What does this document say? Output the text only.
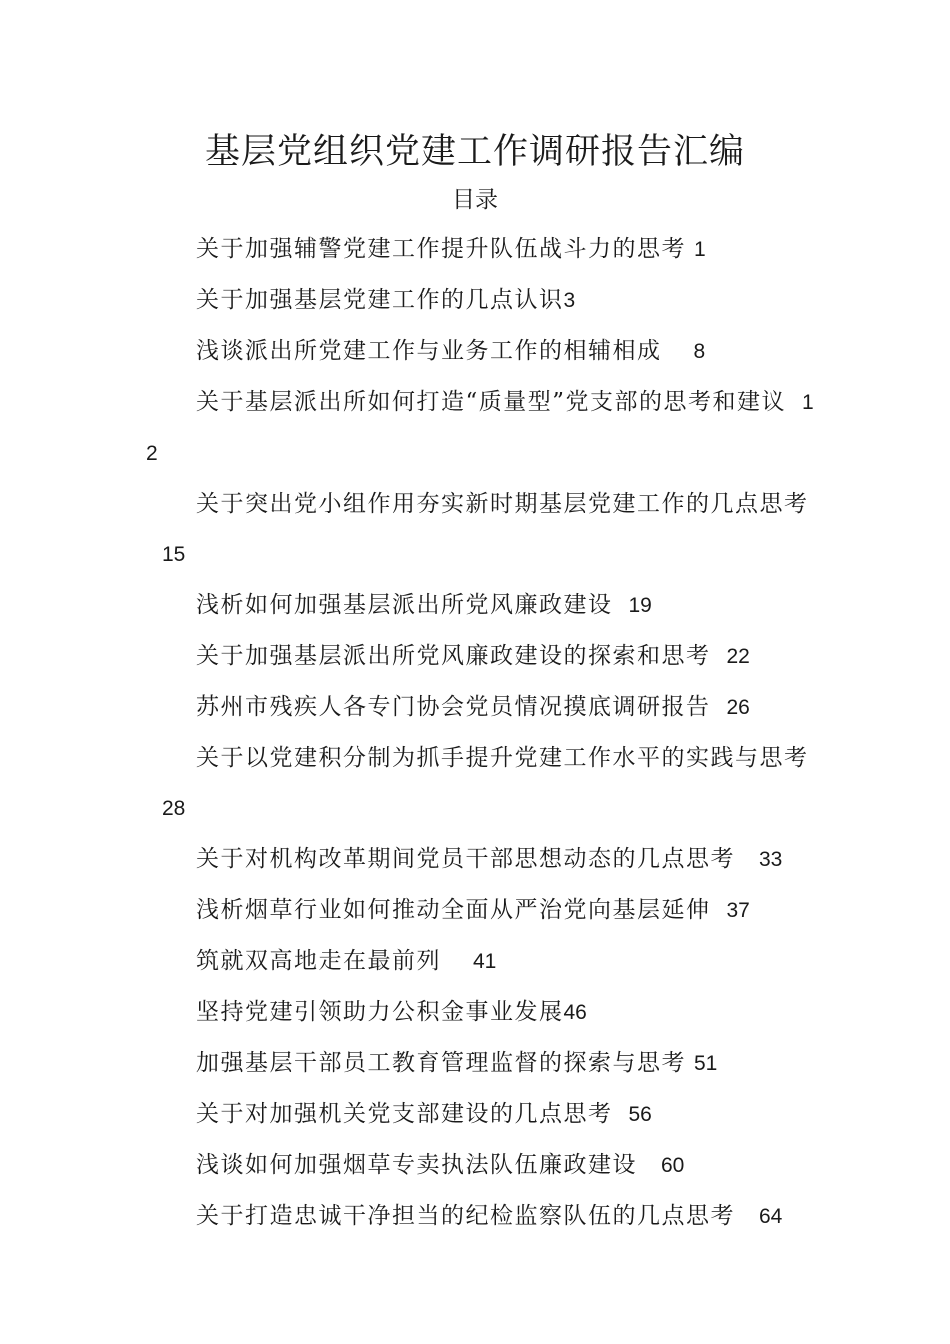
基层党组织党建工作调研报告汇编
目录
关于加强辅警党建工作提升队伍战斗力的思考 1
关于加强基层党建工作的几点认识3
浅谈派出所党建工作与业务工作的相辅相成 8
关于基层派出所如何打造“质量型”党支部的思考和建议 12
关于突出党小组作用夯实新时期基层党建工作的几点思考15
浅析如何加强基层派出所党风廉政建设 19
关于加强基层派出所党风廉政建设的探索和思考 22
苏州市残疾人各专门协会党员情况摸底调研报告 26
关于以党建积分制为抓手提升党建工作水平的实践与思考28
关于对机构改革期间党员干部思想动态的几点思考 33
浅析烟草行业如何推动全面从严治党向基层延伸 37
筑就双高地走在最前列 41
坚持党建引领助力公积金事业发展46
加强基层干部员工教育管理监督的探索与思考 51
关于对加强机关党支部建设的几点思考 56
浅谈如何加强烟草专卖执法队伍廉政建设 60
关于打造忠诚干净担当的纪检监察队伍的几点思考 64
